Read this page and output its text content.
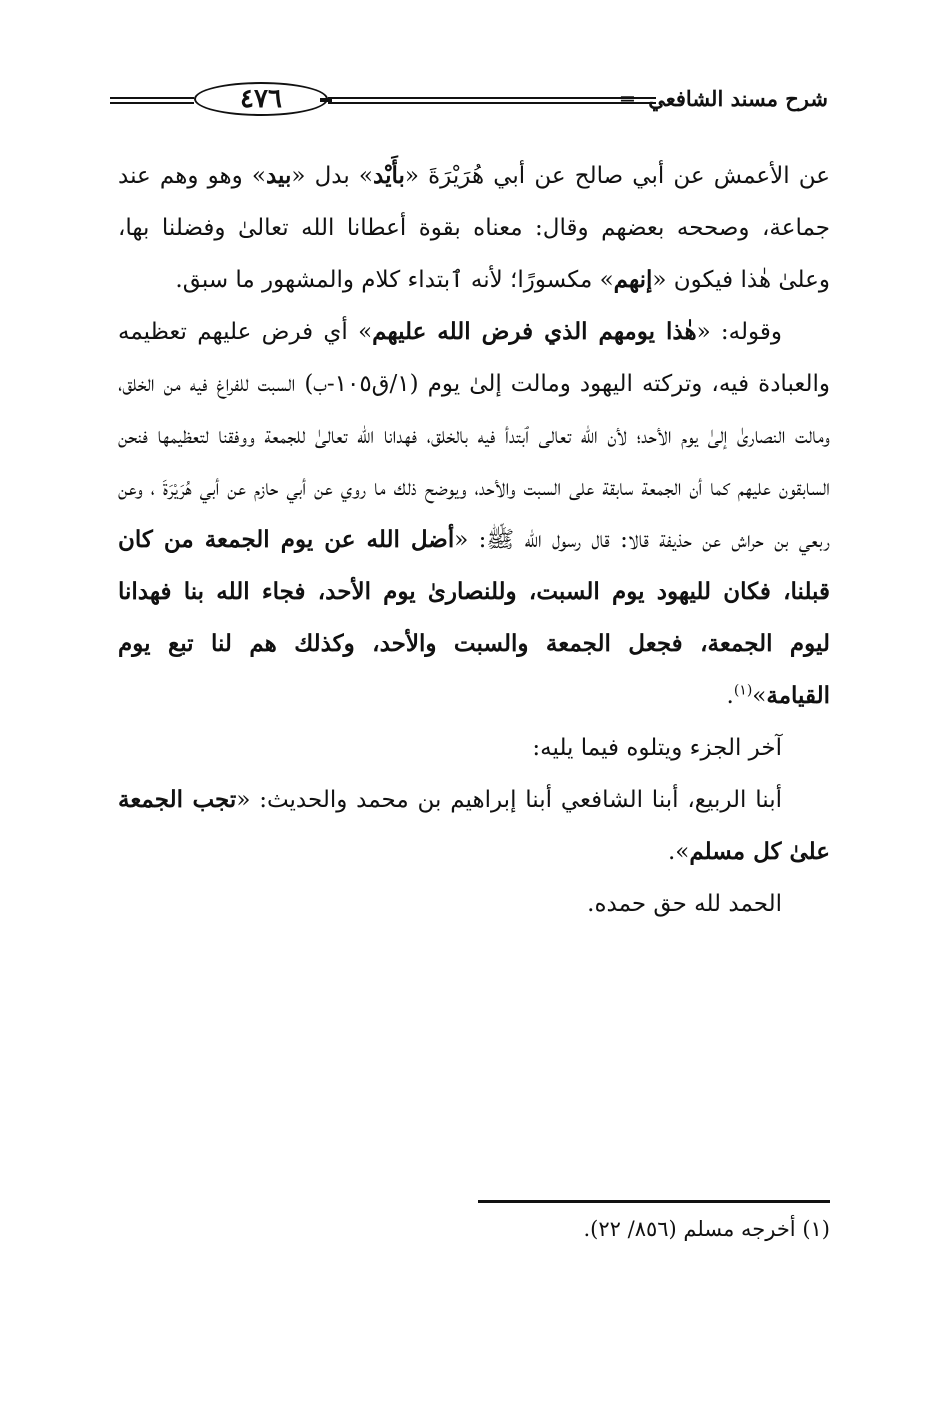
٤٧٦	شرح مسند الشافعي  ═

عن الأعمش عن أبي صالح عن أبي هُرَيْرَةَ «بأَيْد» بدل «بيد» وهو وهم عند جماعة، وصححه بعضهم وقال: معناه بقوة أعطانا الله تعالىٰ وفضلنا بها، وعلىٰ هٰذا فيكون «إنهم» مكسورًا؛ لأنه ٱبتداء كلام والمشهور ما سبق.

وقوله: «هٰذا يومهم الذي فرض الله عليهم» أي فرض عليهم تعظيمه والعبادة فيه، وتركته اليهود ومالت إلىٰ يوم (١/ق١٠٥-ب) السبت للفراغ فيه من الخلق، ومالت النصارىٰ إلىٰ يوم الأحد؛ لأن الله تعالى ٱبتدأ فيه بالخلق، فهدانا الله تعالىٰ للجمعة ووفقنا لتعظيمها فنحن السابقون عليهم كما أن الجمعة سابقة على السبت والأحد، ويوضح ذلك ما روي عن أبي حازم عن أبي هُرَيْرَةَ ، وعن ربعي بن حراش عن حذيفة قالا: قال رسول الله ﷺ: «أضل الله عن يوم الجمعة من كان قبلنا، فكان لليهود يوم السبت، وللنصارىٰ يوم الأحد، فجاء الله بنا فهدانا ليوم الجمعة، فجعل الجمعة والسبت والأحد، وكذلك هم لنا تبع يوم القيامة»$^{(١)}$.

آخر الجزء ويتلوه فيما يليه:

أبنا الربيع، أبنا الشافعي أبنا إبراهيم بن محمد والحديث: «تجب الجمعة علىٰ كل مسلم».

الحمد لله حق حمده.

(١) أخرجه مسلم (٨٥٦/ ٢٢).
